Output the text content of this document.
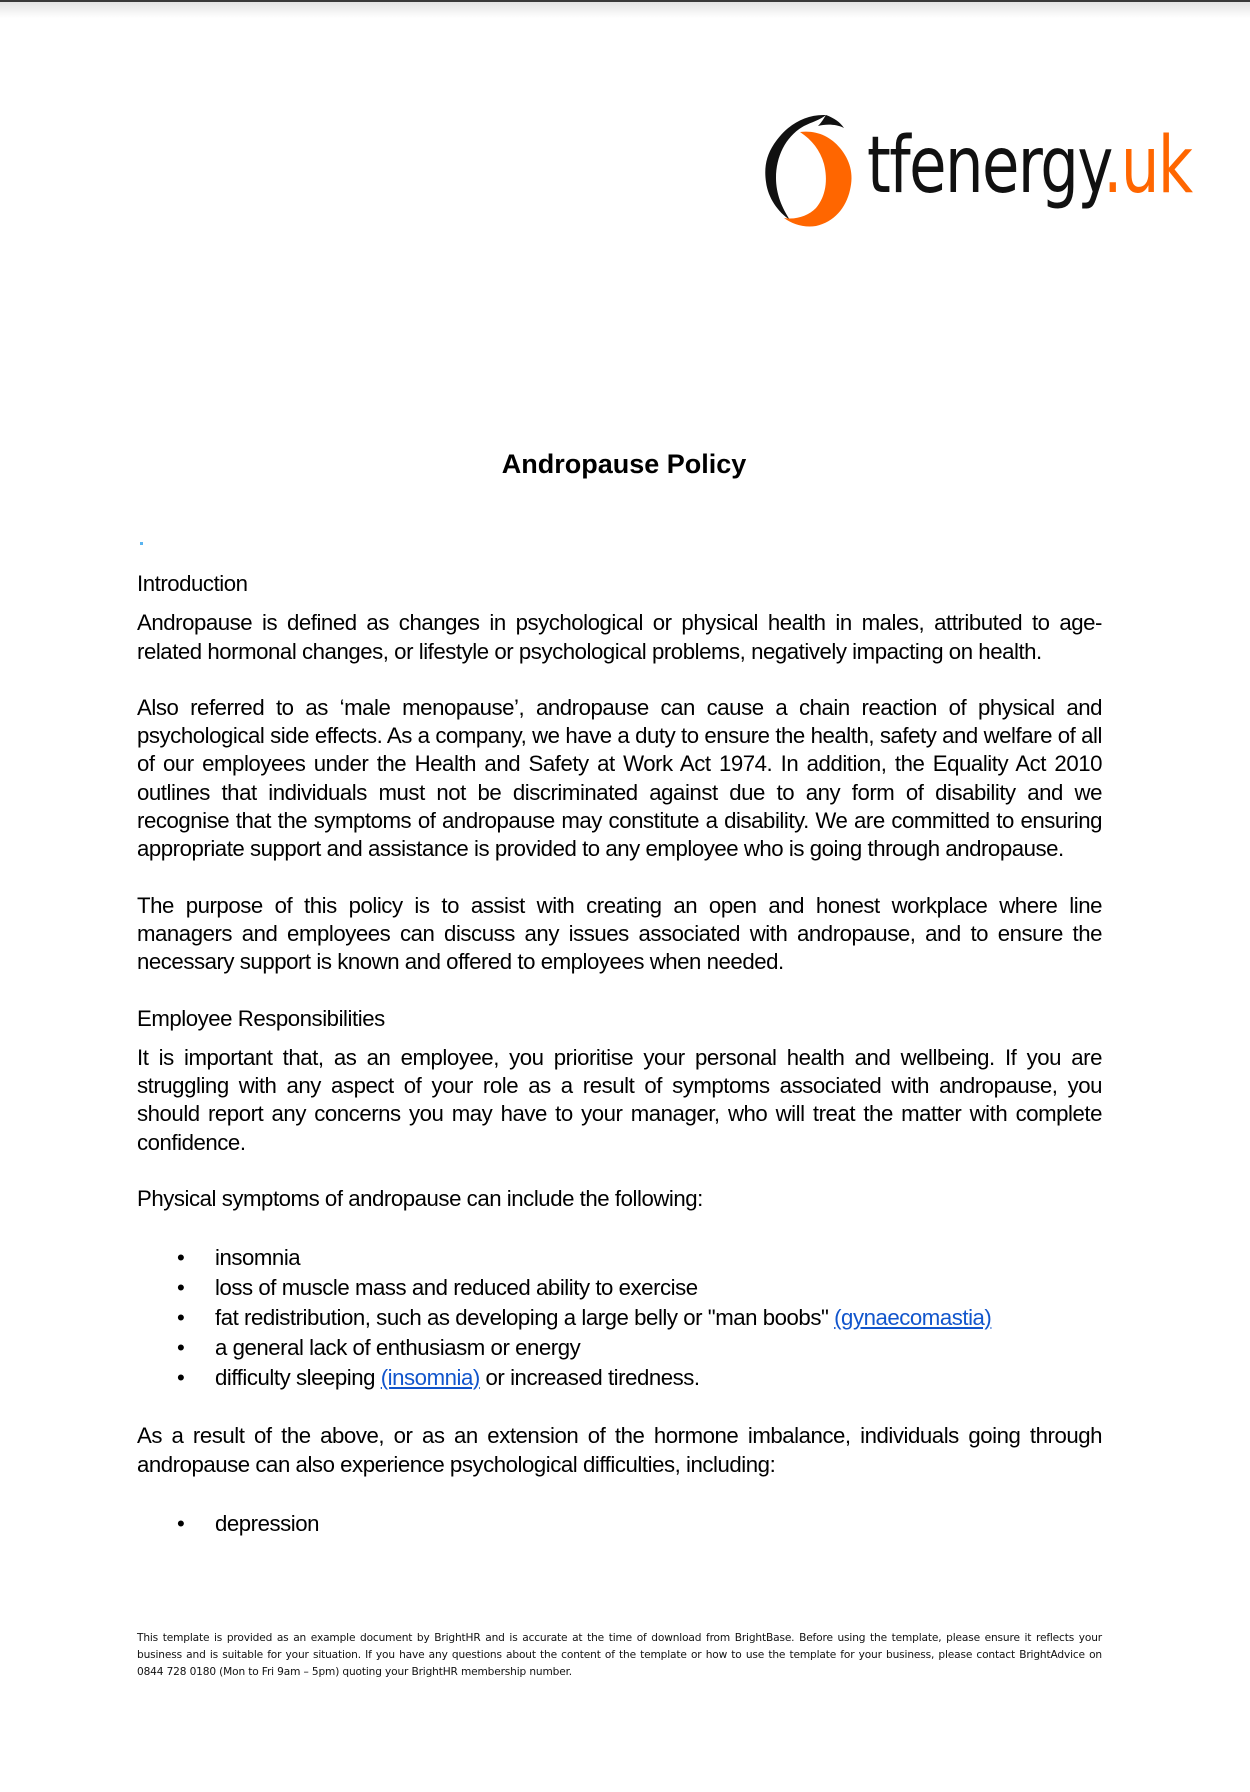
tfenergy.uk
Andropause Policy
Introduction

Andropause is defined as changes in psychological or physical health in males, attributed to age-related hormonal changes, or lifestyle or psychological problems, negatively impacting on health.

Also referred to as ‘male menopause’, andropause can cause a chain reaction of physical and psychological side effects. As a company, we have a duty to ensure the health, safety and welfare of all of our employees under the Health and Safety at Work Act 1974. In addition, the Equality Act 2010 outlines that individuals must not be discriminated against due to any form of disability and we recognise that the symptoms of andropause may constitute a disability. We are committed to ensuring appropriate support and assistance is provided to any employee who is going through andropause.

The purpose of this policy is to assist with creating an open and honest workplace where line managers and employees can discuss any issues associated with andropause, and to ensure the necessary support is known and offered to employees when needed.

Employee Responsibilities

It is important that, as an employee, you prioritise your personal health and wellbeing. If you are struggling with any aspect of your role as a result of symptoms associated with andropause, you should report any concerns you may have to your manager, who will treat the matter with complete confidence.

Physical symptoms of andropause can include the following:

• insomnia
• loss of muscle mass and reduced ability to exercise
• fat redistribution, such as developing a large belly or "man boobs" (gynaecomastia)
• a general lack of enthusiasm or energy
• difficulty sleeping (insomnia) or increased tiredness.

As a result of the above, or as an extension of the hormone imbalance, individuals going through andropause can also experience psychological difficulties, including:

• depression
This template is provided as an example document by BrightHR and is accurate at the time of download from BrightBase. Before using the template, please ensure it reflects your business and is suitable for your situation. If you have any questions about the content of the template or how to use the template for your business, please contact BrightAdvice on 0844 728 0180 (Mon to Fri 9am – 5pm) quoting your BrightHR membership number.
